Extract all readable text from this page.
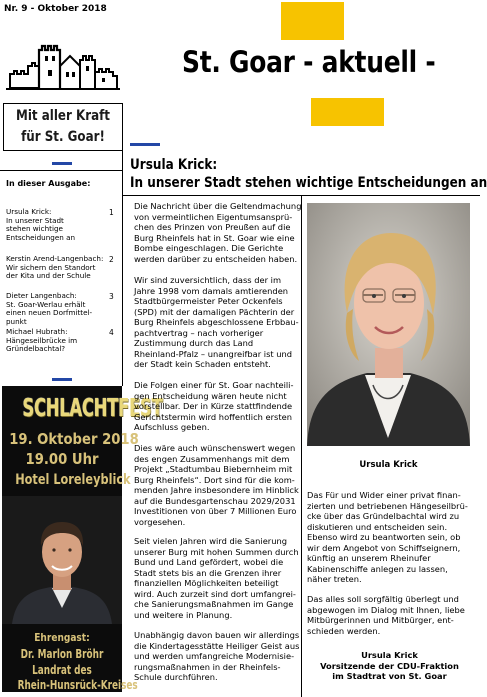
Nr. 9 - Oktober 2018
St. Goar - aktuell -
Mit aller Kraft
für St. Goar!
In dieser Ausgabe:
Ursula Krick:
In unserer Stadt
stehen wichtige
Entscheidungen an
1
Kerstin Arend-Langenbach:
Wir sichern den Standort
der Kita und der Schule
2
Dieter Langenbach:
St. Goar-Werlau erhält
einen neuen Dorfmittel-
punkt
3
Michael Hubrath:
Hängeseilbrücke im
Gründelbachtal?
4
SCHLACHTFEST
19. Oktober 2018
19.00 Uhr
Hotel Loreleyblick
Ehrengast:
Dr. Marlon Bröhr
Landrat des
Rhein-Hunsrück-Kreises
Ursula Krick:
In unserer Stadt stehen wichtige Entscheidungen an

Die Nachricht über die Geltendmachung

von vermeintlichen Eigentumsansprü-

chen des Prinzen von Preußen auf die

Burg Rheinfels hat in St. Goar wie eine

Bombe eingeschlagen. Die Gerichte

werden darüber zu entscheiden haben.

Wir sind zuversichtlich, dass der im

Jahre 1998 vom damals amtierenden

Stadtbürgermeister Peter Ockenfels

(SPD) mit der damaligen Pächterin der

Burg Rheinfels abgeschlossene Erbbau-

pachtvertrag – nach vorheriger

Zustimmung durch das Land

Rheinland-Pfalz – unangreifbar ist und

der Stadt kein Schaden entsteht.

Die Folgen einer für St. Goar nachteili-

gen Entscheidung wären heute nicht

vorstellbar. Der in Kürze stattfindende

Gerichtstermin wird hoffentlich ersten

Aufschluss geben.

Dies wäre auch wünschenswert wegen

des engen Zusammenhangs mit dem

Projekt „Stadtumbau Biebernheim mit

Burg Rheinfels“. Dort sind für die kom-

menden Jahre insbesondere im Hinblick

auf die Bundesgartenschau 2029/2031

Investitionen von über 7 Millionen Euro

vorgesehen.

Seit vielen Jahren wird die Sanierung

unserer Burg mit hohen Summen durch

Bund und Land gefördert, wobei die

Stadt stets bis an die Grenzen ihrer

finanziellen Möglichkeiten beteiligt

wird. Auch zurzeit sind dort umfangrei-

che Sanierungsmaßnahmen im Gange

und weitere in Planung.

Unabhängig davon bauen wir allerdings

die Kindertagesstätte Heiliger Geist aus

und werden umfangreiche Modernisie-

rungsmaßnahmen in der Rheinfels-

Schule durchführen.

Ursula Krick
Das Für und Wider einer privat finan-
zierten und betriebenen Hängeseilbrü-
cke über das Gründelbachtal wird zu
diskutieren und entscheiden sein.
Ebenso wird zu beantworten sein, ob
wir dem Angebot von Schiffseignern,
künftig an unserem Rheinufer
Kabinenschiffe anlegen zu lassen,
näher treten.
Das alles soll sorgfältig überlegt und
abgewogen im Dialog mit Ihnen, liebe
Mitbürgerinnen und Mitbürger, ent-
schieden werden.
Ursula Krick
Vorsitzende der CDU-Fraktion
im Stadtrat von St. Goar
